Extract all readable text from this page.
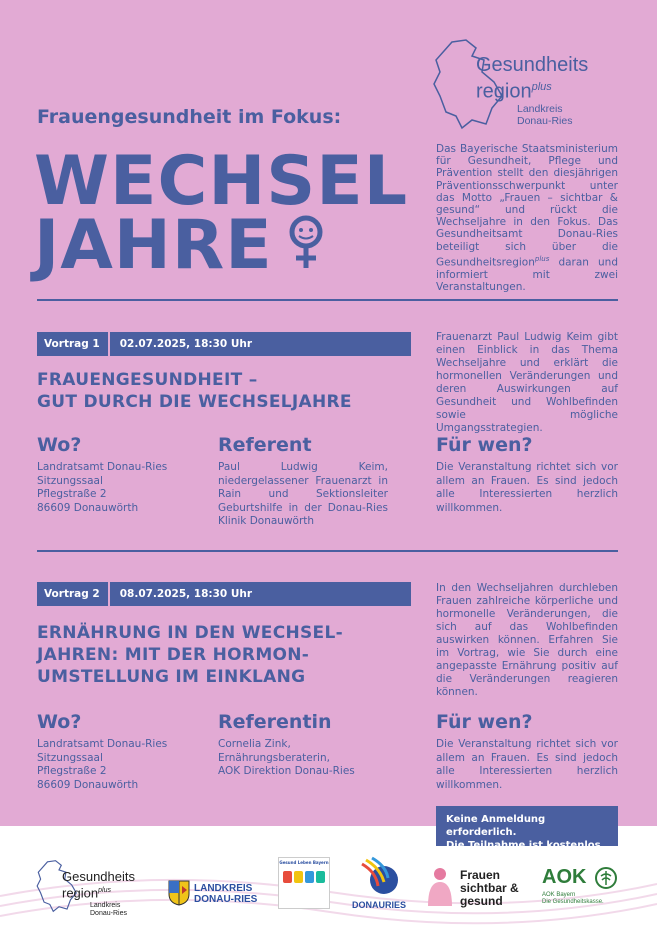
Gesundheits
region$^{plus}$
Landkreis
Donau-Ries
Frauengesundheit im Fokus:
WECHSEL
JAHRE
Das Bayerische Staatsministerium für Gesundheit, Pflege und Prävention stellt den diesjährigen Präventionsschwerpunkt unter das Motto „Frauen – sichtbar & gesund“ und rückt die Wechseljahre in den Fokus. Das Gesundheitsamt Donau-Ries beteiligt sich über die Gesundheitsregion$^{plus}$ daran und informiert mit zwei Veranstaltungen.
Vortrag 1	02.07.2025, 18:30 Uhr
FRAUENGESUNDHEIT –
GUT DURCH DIE WECHSELJAHRE
Frauenarzt Paul Ludwig Keim gibt einen Einblick in das Thema Wechseljahre und erklärt die hormonellen Veränderungen und deren Auswirkungen auf Gesundheit und Wohlbefinden sowie mögliche Umgangsstrategien.
Wo?
Landratsamt Donau-Ries
Sitzungssaal
Pflegstraße 2
86609 Donauwörth
Referent
Paul Ludwig Keim, niedergelassener Frauenarzt in Rain und Sektionsleiter Geburtshilfe in der Donau-Ries Klinik Donauwörth
Für wen?
Die Veranstaltung richtet sich vor allem an Frauen. Es sind jedoch alle Interessierten herzlich willkommen.
Vortrag 2	08.07.2025, 18:30 Uhr
ERNÄHRUNG IN DEN WECHSEL-
JAHREN: MIT DER HORMON-
UMSTELLUNG IM EINKLANG
In den Wechseljahren durchleben Frauen zahlreiche körperliche und hormonelle Veränderungen, die sich auf das Wohlbefinden auswirken können. Erfahren Sie im Vortrag, wie Sie durch eine angepasste Ernährung positiv auf die Veränderungen reagieren können.
Wo?
Landratsamt Donau-Ries
Sitzungssaal
Pflegstraße 2
86609 Donauwörth
Referentin
Cornelia Zink,
Ernährungsberaterin,
AOK Direktion Donau-Ries
Für wen?
Die Veranstaltung richtet sich vor allem an Frauen. Es sind jedoch alle Interessierten herzlich willkommen.
Gesundheits
region$^{plus}$
Landkreis
Donau-Ries
LANDKREIS
DONAU-RIES
Gesund Leben Bayern
DONAURIES
Frauen
sichtbar &
gesund
AOK
AOK Bayern
Die Gesundheitskasse.
Keine Anmeldung erforderlich.
Die Teilnahme ist kostenlos.
